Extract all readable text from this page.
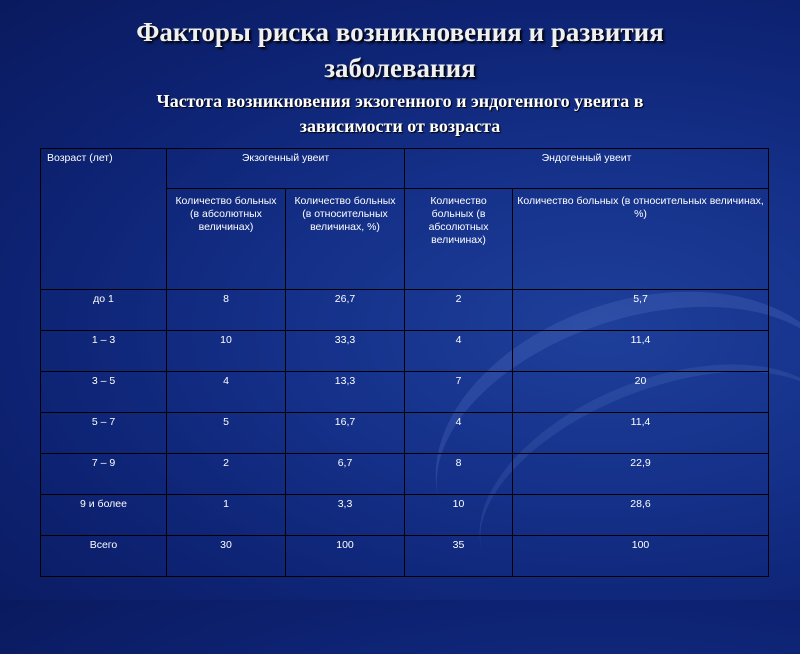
Факторы риска возникновения и развития
заболевания
Частота возникновения экзогенного и эндогенного увеита в
зависимости от возраста
Возраст (лет)	Экзогенный увеит		Эндогенный увеит	
	Количество больных (в абсолютных величинах)	Количество больных (в относительных величинах, %)	Количество больных (в абсолютных величинах)	Количество больных (в относительных величинах, %)
до 1	8	26,7	2	5,7
1 – 3	10	33,3	4	11,4
3 – 5	4	13,3	7	20
5 – 7	5	16,7	4	11,4
7 – 9	2	6,7	8	22,9
9 и более	1	3,3	10	28,6
Всего	30	100	35	100
